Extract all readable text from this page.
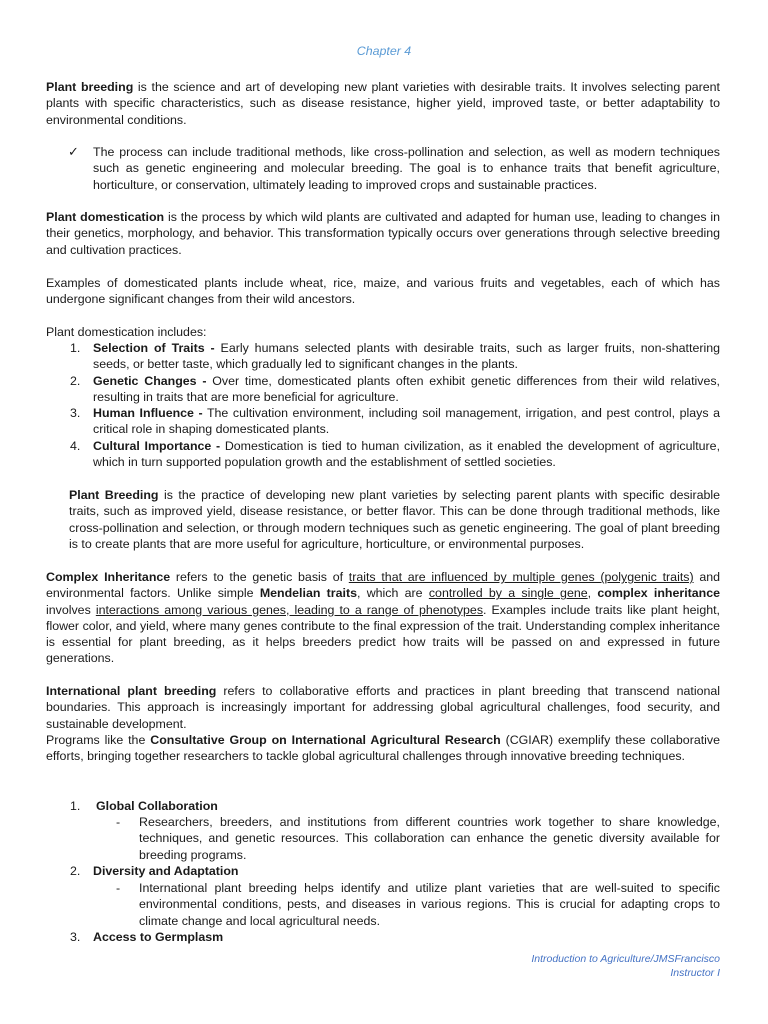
Chapter 4

Plant breeding is the science and art of developing new plant varieties with desirable traits. It involves selecting parent plants with specific characteristics, such as disease resistance, higher yield, improved taste, or better adaptability to environmental conditions.

✓ The process can include traditional methods, like cross-pollination and selection, as well as modern techniques such as genetic engineering and molecular breeding. The goal is to enhance traits that benefit agriculture, horticulture, or conservation, ultimately leading to improved crops and sustainable practices.

Plant domestication is the process by which wild plants are cultivated and adapted for human use, leading to changes in their genetics, morphology, and behavior. This transformation typically occurs over generations through selective breeding and cultivation practices.

Examples of domesticated plants include wheat, rice, maize, and various fruits and vegetables, each of which has undergone significant changes from their wild ancestors.

Plant domestication includes:

1.	Selection of Traits - Early humans selected plants with desirable traits, such as larger fruits, non-shattering seeds, or better taste, which gradually led to significant changes in the plants.

2.	Genetic Changes - Over time, domesticated plants often exhibit genetic differences from their wild relatives, resulting in traits that are more beneficial for agriculture.

3.	Human Influence - The cultivation environment, including soil management, irrigation, and pest control, plays a critical role in shaping domesticated plants.

4.	Cultural Importance - Domestication is tied to human civilization, as it enabled the development of agriculture, which in turn supported population growth and the establishment of settled societies.

Plant Breeding is the practice of developing new plant varieties by selecting parent plants with specific desirable traits, such as improved yield, disease resistance, or better flavor. This can be done through traditional methods, like cross-pollination and selection, or through modern techniques such as genetic engineering. The goal of plant breeding is to create plants that are more useful for agriculture, horticulture, or environmental purposes.

Complex Inheritance refers to the genetic basis of traits that are influenced by multiple genes (polygenic traits) and environmental factors. Unlike simple Mendelian traits, which are controlled by a single gene, complex inheritance involves interactions among various genes, leading to a range of phenotypes. Examples include traits like plant height, flower color, and yield, where many genes contribute to the final expression of the trait. Understanding complex inheritance is essential for plant breeding, as it helps breeders predict how traits will be passed on and expressed in future generations.

International plant breeding refers to collaborative efforts and practices in plant breeding that transcend national boundaries. This approach is increasingly important for addressing global agricultural challenges, food security, and sustainable development.

Programs like the Consultative Group on International Agricultural Research (CGIAR) exemplify these collaborative efforts, bringing together researchers to tackle global agricultural challenges through innovative breeding techniques.

1.	Global Collaboration

- Researchers, breeders, and institutions from different countries work together to share knowledge, techniques, and genetic resources. This collaboration can enhance the genetic diversity available for breeding programs.

2.	Diversity and Adaptation

- International plant breeding helps identify and utilize plant varieties that are well-suited to specific environmental conditions, pests, and diseases in various regions. This is crucial for adapting crops to climate change and local agricultural needs.

3.	Access to Germplasm

Introduction to Agriculture/JMSFrancisco
Instructor I
